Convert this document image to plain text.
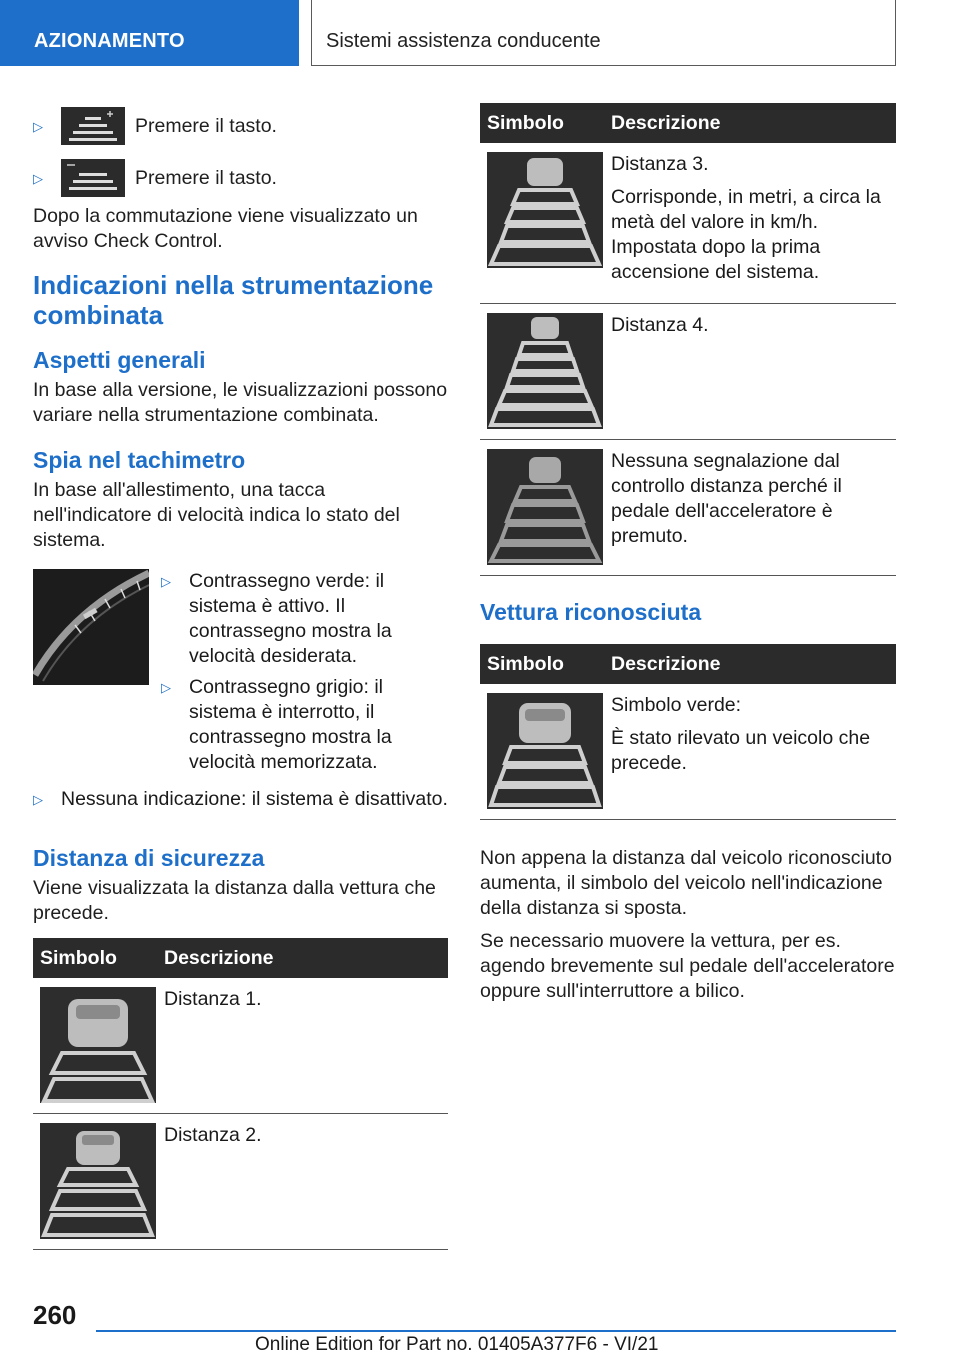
AZIONAMENTO	Sistemi assistenza conducente
▷	Premere il tasto.
▷	Premere il tasto.

Dopo la commutazione viene visualizzato un avviso Check Control.

Indicazioni nella strumentazione combinata
Aspetti generali

In base alla versione, le visualizzazioni possono variare nella strumentazione combinata.

Spia nel tachimetro

In base all'allestimento, una tacca nell'indicatore di velocità indica lo stato del sistema.

▷ Contrassegno verde: il sistema è attivo. Il contrassegno mostra la velocità desiderata.
▷ Contrassegno grigio: il sistema è interrotto, il contrassegno mostra la velocità memorizzata.
▷ Nessuna indicazione: il sistema è disattivato.
Distanza di sicurezza

Viene visualizzata la distanza dalla vettura che precede.

Simbolo	Descrizione

Distanza 1.

Distanza 2.
Simbolo	Descrizione

Distanza 3.
Corrisponde, in metri, a circa la metà del valore in km/h. Impostata dopo la prima accensione del sistema.

Distanza 4.

Nessuna segnalazione dal controllo distanza perché il pedale dell'acceleratore è premuto.
Vettura riconosciuta
Simbolo	Descrizione

Simbolo verde:
È stato rilevato un veicolo che precede.

Non appena la distanza dal veicolo riconosciuto aumenta, il simbolo del veicolo nell'indicazione della distanza si sposta.

Se necessario muovere la vettura, per es. agendo brevemente sul pedale dell'acceleratore oppure sull'interruttore a bilico.

260
Online Edition for Part no. 01405A377F6 - VI/21
